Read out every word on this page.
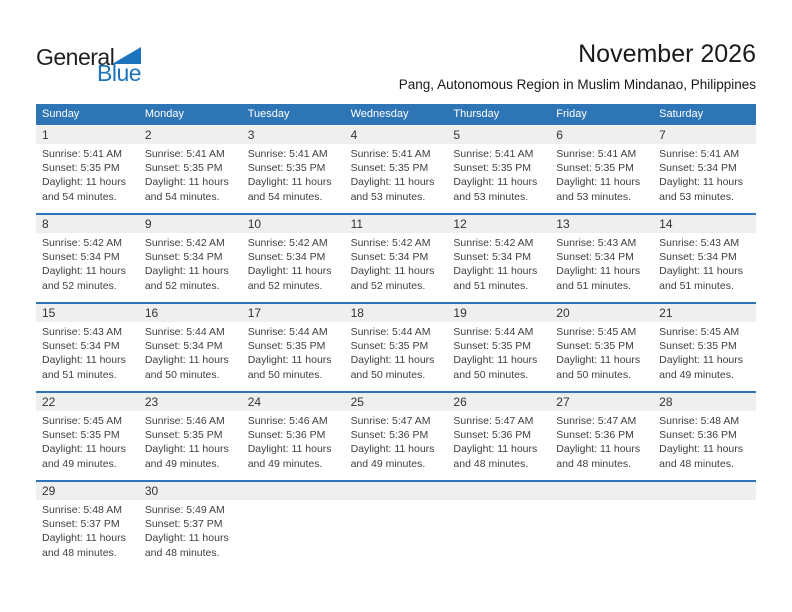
General
Blue
November 2026
Pang, Autonomous Region in Muslim Mindanao, Philippines
Sunday	Monday	Tuesday	Wednesday	Thursday	Friday	Saturday
1	2	3	4	5	6	7
Sunrise: 5:41 AM
Sunset: 5:35 PM
Daylight: 11 hours
and 54 minutes.
Sunrise: 5:41 AM
Sunset: 5:35 PM
Daylight: 11 hours
and 54 minutes.
Sunrise: 5:41 AM
Sunset: 5:35 PM
Daylight: 11 hours
and 54 minutes.
Sunrise: 5:41 AM
Sunset: 5:35 PM
Daylight: 11 hours
and 53 minutes.
Sunrise: 5:41 AM
Sunset: 5:35 PM
Daylight: 11 hours
and 53 minutes.
Sunrise: 5:41 AM
Sunset: 5:35 PM
Daylight: 11 hours
and 53 minutes.
Sunrise: 5:41 AM
Sunset: 5:34 PM
Daylight: 11 hours
and 53 minutes.
8	9	10	11	12	13	14
Sunrise: 5:42 AM
Sunset: 5:34 PM
Daylight: 11 hours
and 52 minutes.
Sunrise: 5:42 AM
Sunset: 5:34 PM
Daylight: 11 hours
and 52 minutes.
Sunrise: 5:42 AM
Sunset: 5:34 PM
Daylight: 11 hours
and 52 minutes.
Sunrise: 5:42 AM
Sunset: 5:34 PM
Daylight: 11 hours
and 52 minutes.
Sunrise: 5:42 AM
Sunset: 5:34 PM
Daylight: 11 hours
and 51 minutes.
Sunrise: 5:43 AM
Sunset: 5:34 PM
Daylight: 11 hours
and 51 minutes.
Sunrise: 5:43 AM
Sunset: 5:34 PM
Daylight: 11 hours
and 51 minutes.
15	16	17	18	19	20	21
Sunrise: 5:43 AM
Sunset: 5:34 PM
Daylight: 11 hours
and 51 minutes.
Sunrise: 5:44 AM
Sunset: 5:34 PM
Daylight: 11 hours
and 50 minutes.
Sunrise: 5:44 AM
Sunset: 5:35 PM
Daylight: 11 hours
and 50 minutes.
Sunrise: 5:44 AM
Sunset: 5:35 PM
Daylight: 11 hours
and 50 minutes.
Sunrise: 5:44 AM
Sunset: 5:35 PM
Daylight: 11 hours
and 50 minutes.
Sunrise: 5:45 AM
Sunset: 5:35 PM
Daylight: 11 hours
and 50 minutes.
Sunrise: 5:45 AM
Sunset: 5:35 PM
Daylight: 11 hours
and 49 minutes.
22	23	24	25	26	27	28
Sunrise: 5:45 AM
Sunset: 5:35 PM
Daylight: 11 hours
and 49 minutes.
Sunrise: 5:46 AM
Sunset: 5:35 PM
Daylight: 11 hours
and 49 minutes.
Sunrise: 5:46 AM
Sunset: 5:36 PM
Daylight: 11 hours
and 49 minutes.
Sunrise: 5:47 AM
Sunset: 5:36 PM
Daylight: 11 hours
and 49 minutes.
Sunrise: 5:47 AM
Sunset: 5:36 PM
Daylight: 11 hours
and 48 minutes.
Sunrise: 5:47 AM
Sunset: 5:36 PM
Daylight: 11 hours
and 48 minutes.
Sunrise: 5:48 AM
Sunset: 5:36 PM
Daylight: 11 hours
and 48 minutes.
29	30
Sunrise: 5:48 AM
Sunset: 5:37 PM
Daylight: 11 hours
and 48 minutes.
Sunrise: 5:49 AM
Sunset: 5:37 PM
Daylight: 11 hours
and 48 minutes.
